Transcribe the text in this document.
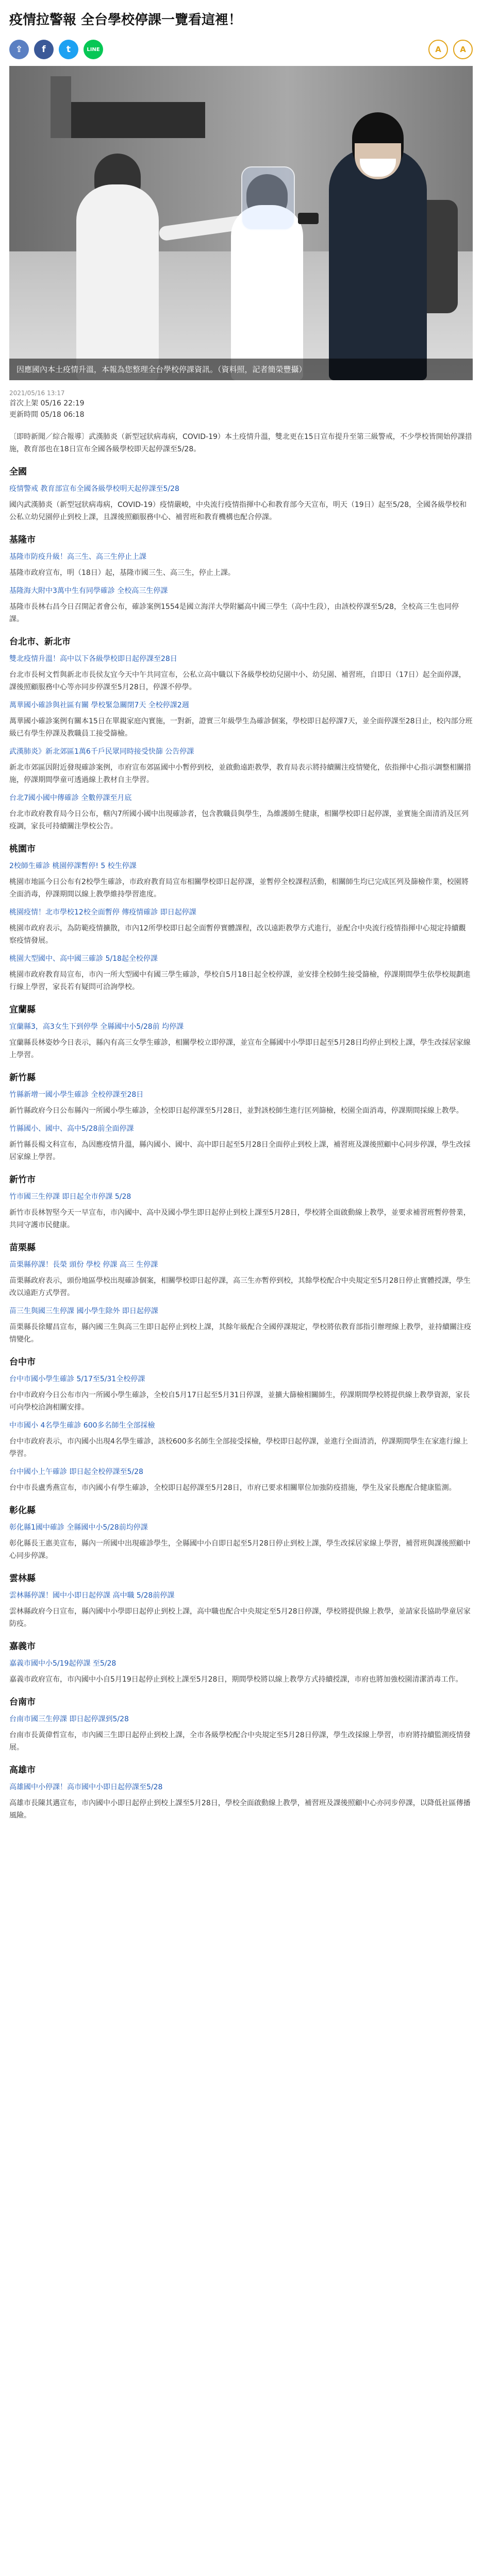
疫情拉警報 全台學校停課一覽看這裡！
⇪	f	t	LINE	A	A
因應國內本土疫情升溫，本報為您整理全台學校停課資訊。（資料照，記者簡榮豐攝）
2021/05/16 13:17
首次上架 05/16 22:19
更新時間 05/18 06:18

〔即時新聞／綜合報導〕武漢肺炎（新型冠狀病毒病，COVID-19）本土疫情升溫，雙北更在15日宣布提升至第三級警戒，不少學校皆開始停課措施，教育部也在18日宣布全國各級學校即天起停課至5/28。

全國
疫情警戒 教育部宣布全國各級學校明天起停課至5/28

國內武漢肺炎（新型冠狀病毒病，COVID-19）疫情嚴峻，中央流行疫情指揮中心和教育部今天宣布，明天（19日）起至5/28，全國各級學校和公私立幼兒園停止到校上課，且課後照顧服務中心、補習班和教育機構也配合停課。

基隆市
基隆市防疫升級！高三生、高三生停止上課

基隆市政府宣布，明（18日）起，基隆市國三生、高三生，停止上課。

基隆海大附中3萬中生有同學確診 全校高三生停課

基隆市長林右昌今日召開記者會公布，確診案例1554是國立海洋大學附屬高中國三學生（高中生段），由該校停課至5/28，全校高三生也同停課。

台北市、新北市
雙北疫情升溫！高中以下各級學校即日起停課至28日

台北市長柯文哲與新北市長侯友宜今天中午共同宣布，公私立高中職以下各級學校幼兒園中小、幼兒園、補習班，自即日（17日）起全面停課，課後照顧服務中心等亦同步停課至5月28日，停課不停學。

萬華國小確診與社區有關 學校緊急關閉7天 全校停課2週

萬華國小確診案例有關本15日在單親家庭內實施，一對新，證實三年級學生為確診個案，學校即日起停課7天，並全面停課至28日止，校內部分班級已有學生停課及教職員工接受篩檢。

武漢肺炎》新北郊區1萬6千戶民眾同時接受快篩 公告停課

新北市郊區因附近發現確診案例，市府宣布郊區國中小暫停到校，並啟動遠距教學，教育局表示將持續關注疫情變化，依指揮中心指示調整相關措施，停課期間學童可透過線上教材自主學習。

台北7國小國中傳確診 全數停課至月底

台北市政府教育局今日公布，轄內7所國小國中出現確診者，包含教職員與學生，為維護師生健康，相關學校即日起停課，並實施全面清消及匡列疫調，家長可持續關注學校公告。

桃園市
2校師生確診 桃園停課暫停! 5 校生停課

桃園市地區今日公布有2校學生確診，市政府教育局宣布相關學校即日起停課，並暫停全校課程活動，相關師生均已完成匡列及篩檢作業，校園將全面消毒，停課期間以線上教學維持學習進度。

桃園疫情！北市學校12校全面暫停 傳疫情確診 即日起停課

桃園市政府表示，為防範疫情擴散，市內12所學校即日起全面暫停實體課程，改以遠距教學方式進行，並配合中央流行疫情指揮中心規定持續觀察疫情發展。

桃園大型國中、高中國三確診 5/18起全校停課

桃園市政府教育局宣布，市內一所大型國中有國三學生確診，學校自5月18日起全校停課，並安排全校師生接受篩檢，停課期間學生依學校規劃進行線上學習，家長若有疑問可洽詢學校。

宜蘭縣
宜蘭縣3，高3女生下到停學 全縣國中小5/28前 均停課

宜蘭縣長林姿妙今日表示，縣內有高三女學生確診，相關學校立即停課，並宣布全縣國中小學即日起至5月28日均停止到校上課，學生改採居家線上學習。

新竹縣
竹縣新增一國小學生確診 全校停課至28日

新竹縣政府今日公布縣內一所國小學生確診，全校即日起停課至5月28日，並對該校師生進行匡列篩檢，校園全面消毒，停課期間採線上教學。

竹縣國小、國中、高中5/28前全面停課

新竹縣長楊文科宣布，為因應疫情升溫，縣內國小、國中、高中即日起至5月28日全面停止到校上課，補習班及課後照顧中心同步停課，學生改採居家線上學習。

新竹市
竹市國三生停課 即日起全市停課 5/28

新竹市長林智堅今天一早宣布，市內國中、高中及國小學生即日起停止到校上課至5月28日，學校將全面啟動線上教學，並要求補習班暫停營業，共同守護市民健康。

苗栗縣
苗栗縣停課！長榮 頭份 學校 停課 高三 生停課

苗栗縣政府表示，頭份地區學校出現確診個案，相關學校即日起停課，高三生亦暫停到校，其餘學校配合中央規定至5月28日停止實體授課，學生改以遠距方式學習。

苗三生與國三生停課 國小學生除外 即日起停課

苗栗縣長徐耀昌宣布，縣內國三生與高三生即日起停止到校上課，其餘年級配合全國停課規定，學校將依教育部指引辦理線上教學，並持續關注疫情變化。

台中市
台中市國小學生確診 5/17至5/31全校停課

台中市政府今日公布市內一所國小學生確診，全校自5月17日起至5月31日停課，並擴大篩檢相關師生，停課期間學校將提供線上教學資源，家長可向學校洽詢相關安排。

中市國小 4名學生確診 600多名師生全部採檢

台中市政府表示，市內國小出現4名學生確診，該校600多名師生全部接受採檢，學校即日起停課，並進行全面清消，停課期間學生在家進行線上學習。

台中國小上午確診 即日起全校停課至5/28

台中市長盧秀燕宣布，市內國小有學生確診，全校即日起停課至5月28日，市府已要求相關單位加強防疫措施，學生及家長應配合健康監測。

彰化縣
彰化縣1國中確診 全縣國中小5/28前均停課

彰化縣長王惠美宣布，縣內一所國中出現確診學生，全縣國中小自即日起至5月28日停止到校上課，學生改採居家線上學習，補習班與課後照顧中心同步停課。

雲林縣
雲林縣停課！國中小即日起停課 高中職 5/28前停課

雲林縣政府今日宣布，縣內國中小學即日起停止到校上課，高中職也配合中央規定至5月28日停課，學校將提供線上教學，並請家長協助學童居家防疫。

嘉義市
嘉義市國中小5/19起停課 至5/28

嘉義市政府宣布，市內國中小自5月19日起停止到校上課至5月28日，期間學校將以線上教學方式持續授課，市府也將加強校園清潔消毒工作。

台南市
台南市國三生停課 即日起停課到5/28

台南市長黃偉哲宣布，市內國三生即日起停止到校上課，全市各級學校配合中央規定至5月28日停課，學生改採線上學習，市府將持續監測疫情發展。

高雄市
高雄國中小停課！高市國中小即日起停課至5/28

高雄市長陳其邁宣布，市內國中小即日起停止到校上課至5月28日，學校全面啟動線上教學，補習班及課後照顧中心亦同步停課，以降低社區傳播風險。
